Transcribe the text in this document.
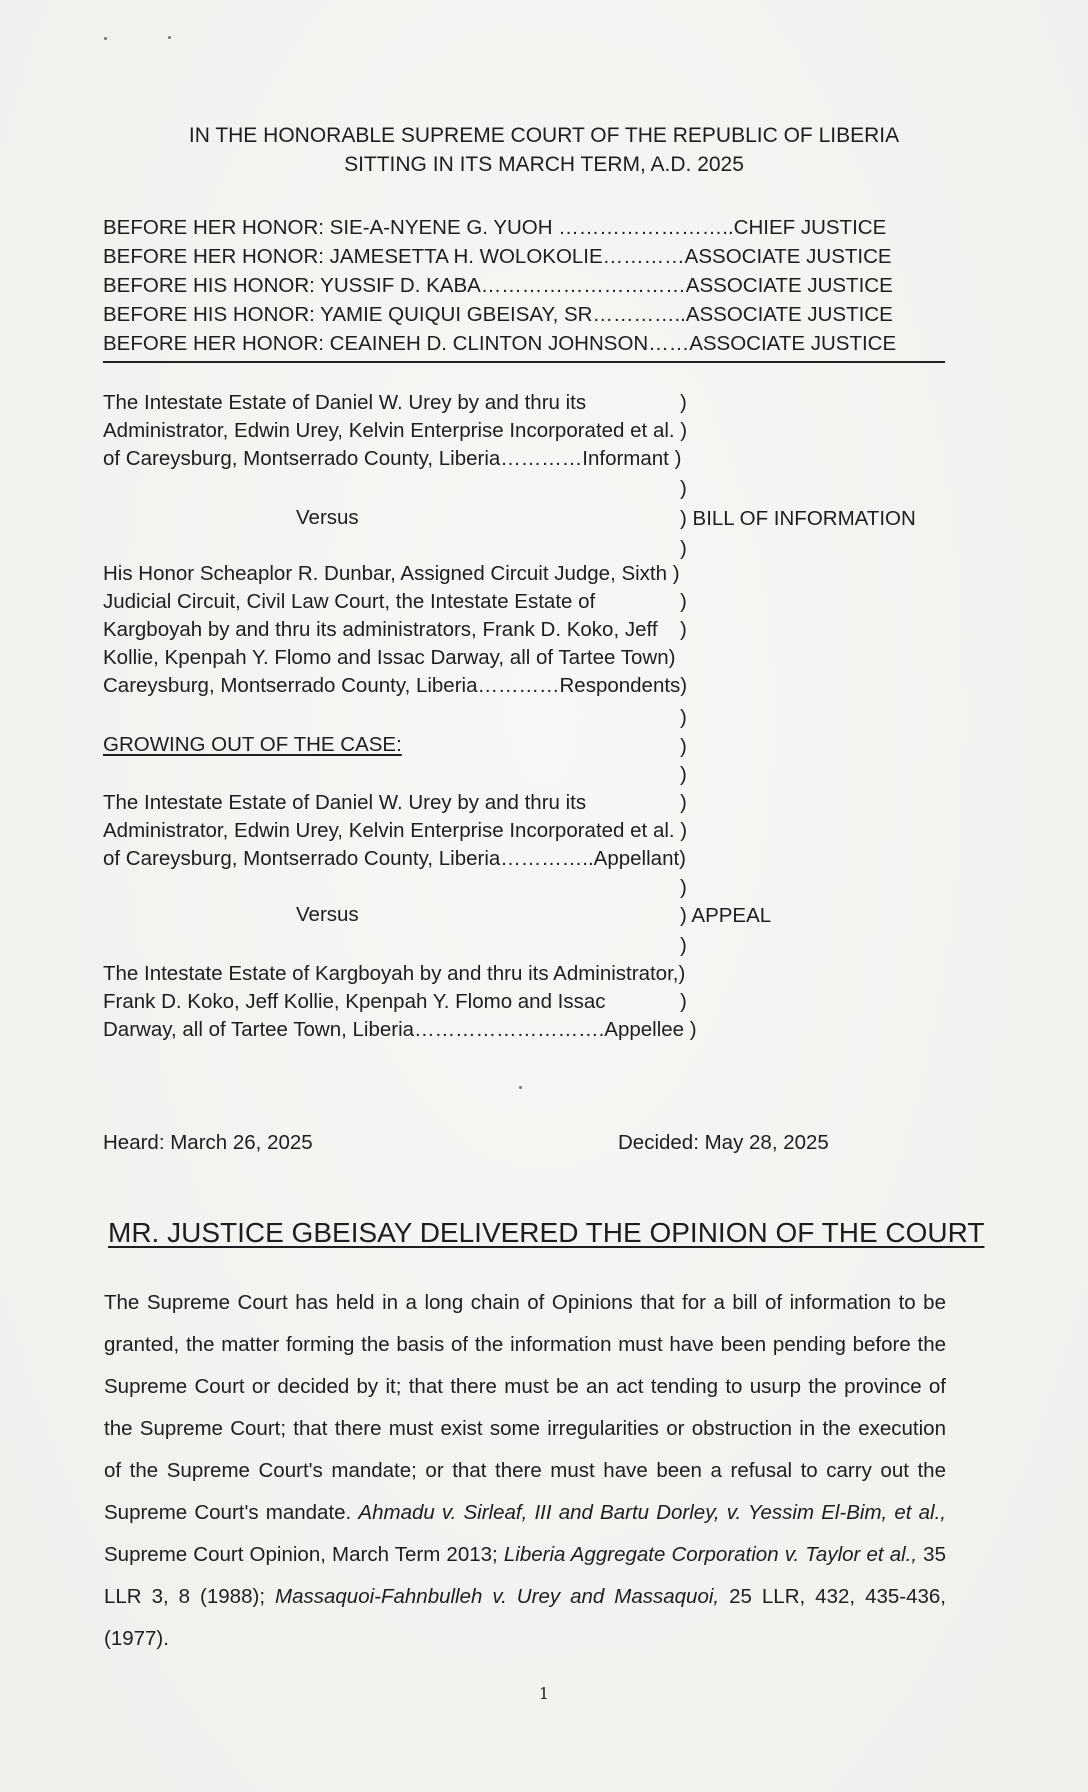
IN THE HONORABLE SUPREME COURT OF THE REPUBLIC OF LIBERIA
SITTING IN ITS MARCH TERM, A.D. 2025
BEFORE HER HONOR: SIE-A-NYENE G. YUOH ……………………..CHIEF JUSTICE
BEFORE HER HONOR: JAMESETTA H. WOLOKOLIE…………ASSOCIATE JUSTICE
BEFORE HIS HONOR: YUSSIF D. KABA…………………………ASSOCIATE JUSTICE
BEFORE HIS HONOR: YAMIE QUIQUI GBEISAY, SR…………..ASSOCIATE JUSTICE
BEFORE HER HONOR: CEAINEH D. CLINTON JOHNSON……ASSOCIATE JUSTICE
The Intestate Estate of Daniel W. Urey by and thru its	)
Administrator, Edwin Urey, Kelvin Enterprise Incorporated et al. )
of Careysburg, Montserrado County, Liberia…………Informant )
)
Versus	) BILL OF INFORMATION
)
His Honor Scheaplor R. Dunbar, Assigned Circuit Judge, Sixth )
Judicial Circuit, Civil Law Court, the Intestate Estate of	)
Kargboyah by and thru its administrators, Frank D. Koko, Jeff )
Kollie, Kpenpah Y. Flomo and Issac Darway, all of Tartee Town)
Careysburg, Montserrado County, Liberia…………Respondents)
)
GROWING OUT OF THE CASE:	)
)
The Intestate Estate of Daniel W. Urey by and thru its	)
Administrator, Edwin Urey, Kelvin Enterprise Incorporated et al. )
of Careysburg, Montserrado County, Liberia…………..Appellant)
)
Versus	) APPEAL
)
The Intestate Estate of Kargboyah by and thru its Administrator,)
Frank D. Koko, Jeff Kollie, Kpenpah Y. Flomo and Issac	)
Darway, all of Tartee Town, Liberia……………………….Appellee )
Heard: March 26, 2025	Decided: May 28, 2025
MR. JUSTICE GBEISAY DELIVERED THE OPINION OF THE COURT
The Supreme Court has held in a long chain of Opinions that for a bill of information to be granted, the matter forming the basis of the information must have been pending before the Supreme Court or decided by it; that there must be an act tending to usurp the province of the Supreme Court; that there must exist some irregularities or obstruction in the execution of the Supreme Court's mandate; or that there must have been a refusal to carry out the Supreme Court's mandate. Ahmadu v. Sirleaf, III and Bartu Dorley, v. Yessim El-Bim, et al., Supreme Court Opinion, March Term 2013; Liberia Aggregate Corporation v. Taylor et al., 35 LLR 3, 8 (1988); Massaquoi-Fahnbulleh v. Urey and Massaquoi, 25 LLR, 432, 435-436, (1977).
1
